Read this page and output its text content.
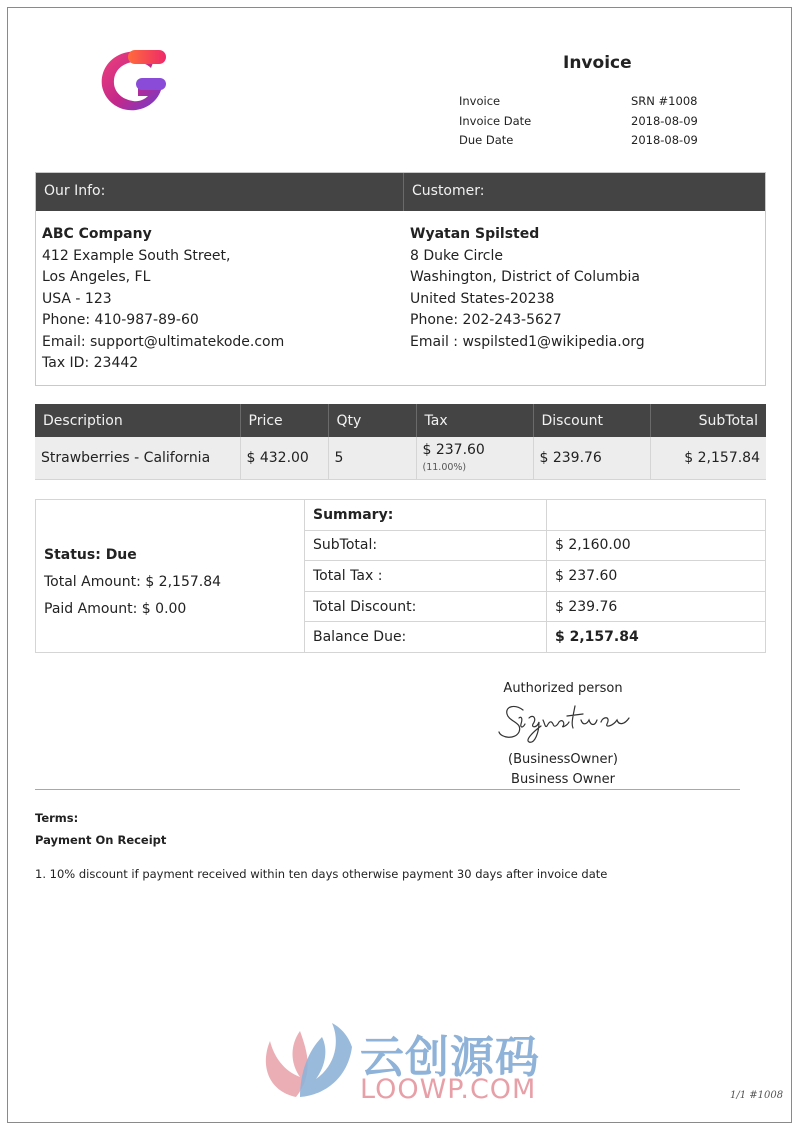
Invoice
Invoice	SRN #1008
Invoice Date	2018-08-09
Due Date	2018-08-09
Our Info:	Customer:
ABC Company
412 Example South Street,
Los Angeles, FL
USA - 123
Phone: 410-987-89-60
Email: support@ultimatekode.com
Tax ID: 23442
Wyatan Spilsted
8 Duke Circle
Washington, District of Columbia
United States-20238
Phone: 202-243-5627
Email : wspilsted1@wikipedia.org
Description	Price	Qty	Tax	Discount	SubTotal
Strawberries - California	$ 432.00	5	$ 237.60 (11.00%)	$ 239.76	$ 2,157.84
Status: Due
Total Amount: $ 2,157.84
Paid Amount: $ 0.00
Summary:	
SubTotal:	$ 2,160.00
Total Tax :	$ 237.60
Total Discount:	$ 239.76
Balance Due:	$ 2,157.84
Authorized person
(BusinessOwner)
Business Owner
Terms:
Payment On Receipt
1. 10% discount if payment received within ten days otherwise payment 30 days after invoice date
云创源码
LOOWP.COM	1/1 #1008
